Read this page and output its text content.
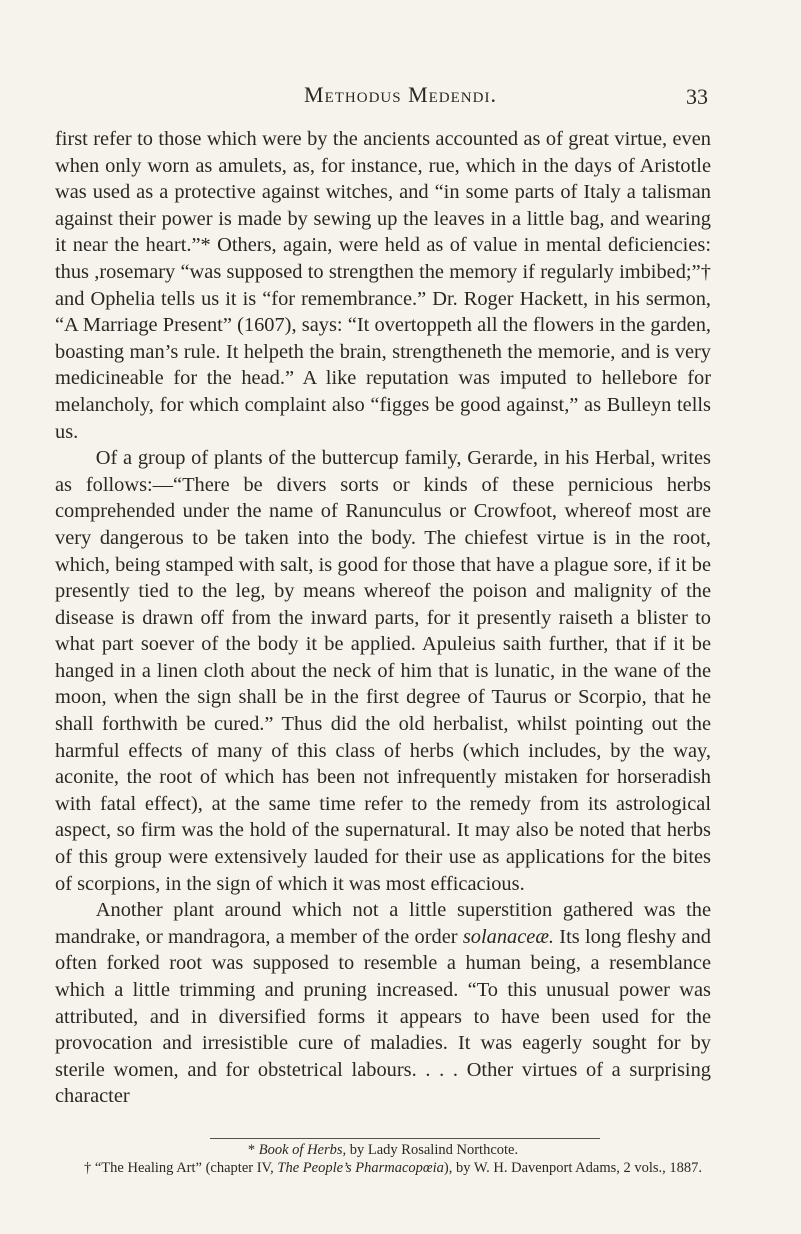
Methodus Medendi.	33

first refer to those which were by the ancients accounted as of great virtue, even when only worn as amulets, as, for instance, rue, which in the days of Aristotle was used as a protective against witches, and “in some parts of Italy a talisman against their power is made by sewing up the leaves in a little bag, and wearing it near the heart.”* Others, again, were held as of value in mental deficiencies: thus ,rosemary “was supposed to strengthen the memory if regularly imbibed;”† and Ophelia tells us it is “for remembrance.” Dr. Roger Hackett, in his sermon, “A Marriage Present” (1607), says: “It overtoppeth all the flowers in the garden, boasting man’s rule. It helpeth the brain, strengtheneth the memorie, and is very medicineable for the head.” A like reputation was imputed to hellebore for melancholy, for which complaint also “figges be good against,” as Bulleyn tells us.

Of a group of plants of the buttercup family, Gerarde, in his Herbal, writes as follows:—“There be divers sorts or kinds of these pernicious herbs comprehended under the name of Ranunculus or Crowfoot, whereof most are very dangerous to be taken into the body. The chiefest virtue is in the root, which, being stamped with salt, is good for those that have a plague sore, if it be presently tied to the leg, by means whereof the poison and malignity of the disease is drawn off from the inward parts, for it presently raiseth a blister to what part soever of the body it be applied. Apuleius saith further, that if it be hanged in a linen cloth about the neck of him that is lunatic, in the wane of the moon, when the sign shall be in the first degree of Taurus or Scorpio, that he shall forthwith be cured.” Thus did the old herbalist, whilst pointing out the harmful effects of many of this class of herbs (which includes, by the way, aconite, the root of which has been not infrequently mistaken for horseradish with fatal effect), at the same time refer to the remedy from its astrological aspect, so firm was the hold of the supernatural. It may also be noted that herbs of this group were extensively lauded for their use as applications for the bites of scorpions, in the sign of which it was most efficacious.

Another plant around which not a little superstition gathered was the mandrake, or mandragora, a member of the order solanaceæ. Its long fleshy and often forked root was supposed to resemble a human being, a resemblance which a little trimming and pruning increased. “To this unusual power was attributed, and in diversified forms it appears to have been used for the provocation and irresistible cure of maladies. It was eagerly sought for by sterile women, and for obstetrical labours. . . . Other virtues of a surprising character

* Book of Herbs, by Lady Rosalind Northcote.

† “The Healing Art” (chapter IV, The People’s Pharmacopœia), by W. H. Davenport Adams, 2 vols., 1887.
